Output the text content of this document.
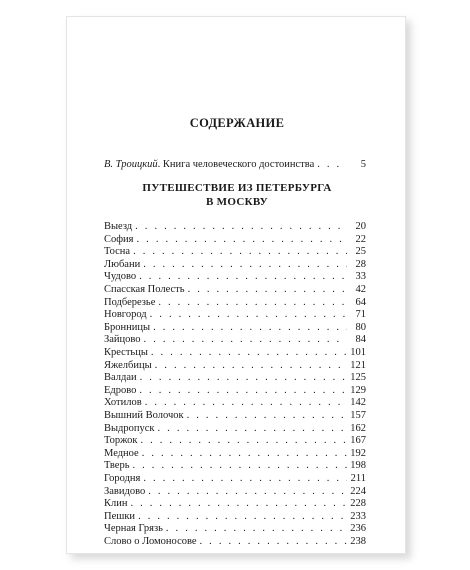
СОДЕРЖАНИЕ
В. Троицкий. Книга человеческого достоинства . . .	5
ПУТЕШЕСТВИЕ ИЗ ПЕТЕРБУРГА
В МОСКВУ
Выезд . . .	20
София . . .	22
Тосна . . .	25
Любани . . .	28
Чудово . . .	33
Спасская Полесть . . .	42
Подберезье . . .	64
Новгород . . .	71
Бронницы . . .	80
Зайцово . . .	84
Крестьцы . . .	101
Яжелбицы . . .	121
Валдаи . . .	125
Едрово . . .	129
Хотилов . . .	142
Вышний Волочок . . .	157
Выдропуск . . .	162
Торжок . . .	167
Медное . . .	192
Тверь . . .	198
Городня . . .	211
Завидово . . .	224
Клин . . .	228
Пешки . . .	233
Черная Грязь . . .	236
Слово о Ломоносове . . .	238
